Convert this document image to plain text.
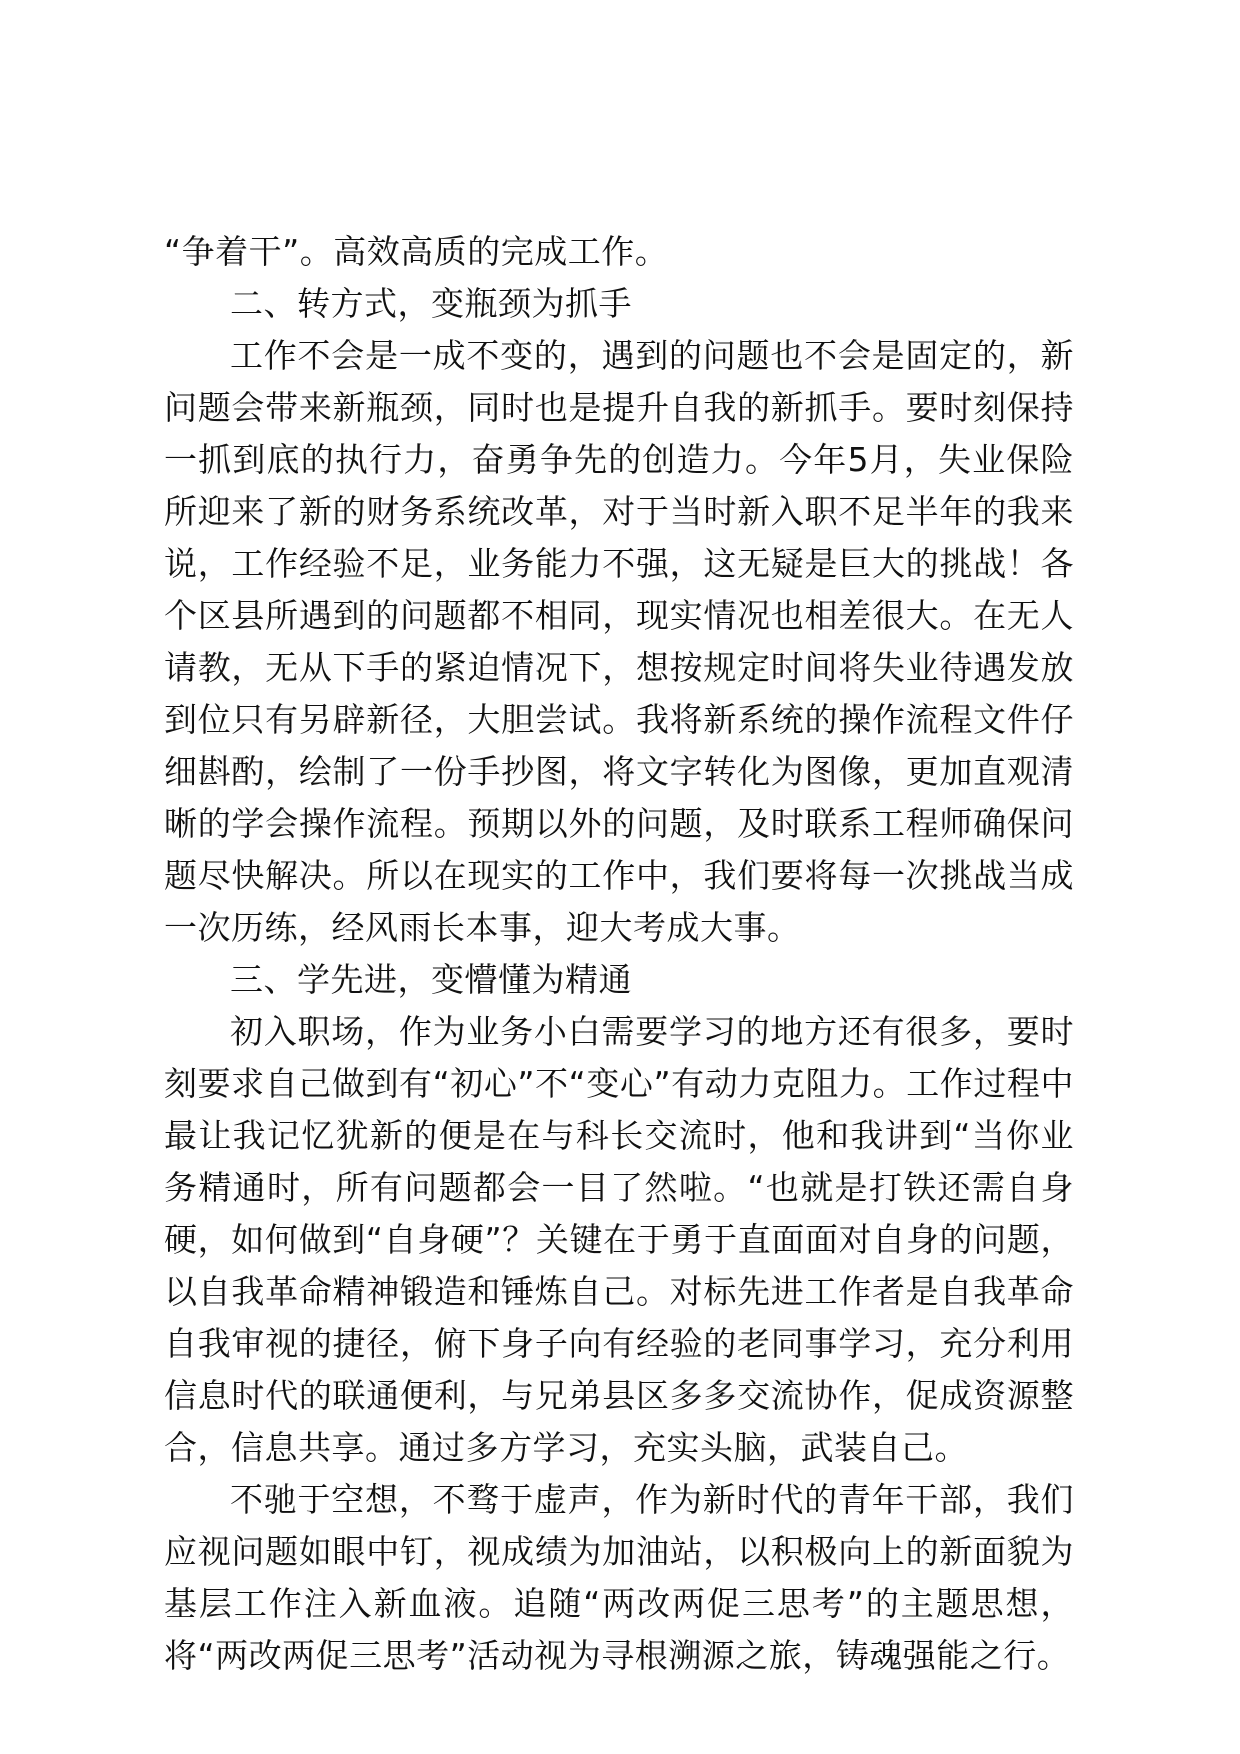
“争着干”。高效高质的完成工作。

二、转方式，变瓶颈为抓手

工作不会是一成不变的，遇到的问题也不会是固定的，新问题会带来新瓶颈，同时也是提升自我的新抓手。要时刻保持一抓到底的执行力，奋勇争先的创造力。今年5月，失业保险所迎来了新的财务系统改革，对于当时新入职不足半年的我来说，工作经验不足，业务能力不强，这无疑是巨大的挑战！各个区县所遇到的问题都不相同，现实情况也相差很大。在无人请教，无从下手的紧迫情况下，想按规定时间将失业待遇发放到位只有另辟新径，大胆尝试。我将新系统的操作流程文件仔细斟酌，绘制了一份手抄图，将文字转化为图像，更加直观清晰的学会操作流程。预期以外的问题，及时联系工程师确保问题尽快解决。所以在现实的工作中，我们要将每一次挑战当成一次历练，经风雨长本事，迎大考成大事。

三、学先进，变懵懂为精通

初入职场，作为业务小白需要学习的地方还有很多，要时刻要求自己做到有“初心”不“变心”有动力克阻力。工作过程中最让我记忆犹新的便是在与科长交流时，他和我讲到“当你业务精通时，所有问题都会一目了然啦。“也就是打铁还需自身硬，如何做到“自身硬”？关键在于勇于直面面对自身的问题，以自我革命精神锻造和锤炼自己。对标先进工作者是自我革命自我审视的捷径，俯下身子向有经验的老同事学习，充分利用信息时代的联通便利，与兄弟县区多多交流协作，促成资源整合，信息共享。通过多方学习，充实头脑，武装自己。

不驰于空想，不骛于虚声，作为新时代的青年干部，我们应视问题如眼中钉，视成绩为加油站，以积极向上的新面貌为基层工作注入新血液。追随“两改两促三思考”的主题思想，将“两改两促三思考”活动视为寻根溯源之旅，铸魂强能之行。
